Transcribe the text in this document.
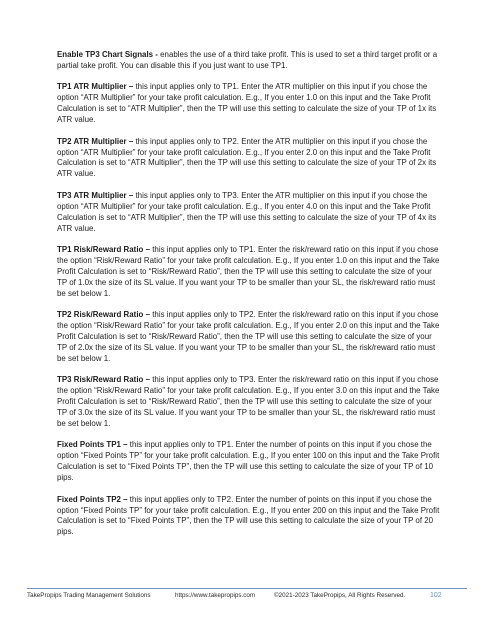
Enable TP3 Chart Signals - enables the use of a third take profit. This is used to set a third target profit or a partial take profit. You can disable this if you just want to use TP1.

TP1 ATR Multiplier – this input applies only to TP1. Enter the ATR multiplier on this input if you chose the option “ATR Multiplier” for your take profit calculation. E.g., If you enter 1.0 on this input and the Take Profit Calculation is set to “ATR Multiplier”, then the TP will use this setting to calculate the size of your TP of 1x its ATR value.

TP2 ATR Multiplier – this input applies only to TP2. Enter the ATR multiplier on this input if you chose the option “ATR Multiplier” for your take profit calculation. E.g., If you enter 2.0 on this input and the Take Profit Calculation is set to “ATR Multiplier”, then the TP will use this setting to calculate the size of your TP of 2x its ATR value.

TP3 ATR Multiplier – this input applies only to TP3. Enter the ATR multiplier on this input if you chose the option “ATR Multiplier” for your take profit calculation. E.g., If you enter 4.0 on this input and the Take Profit Calculation is set to “ATR Multiplier”, then the TP will use this setting to calculate the size of your TP of 4x its ATR value.

TP1 Risk/Reward Ratio – this input applies only to TP1. Enter the risk/reward ratio on this input if you chose the option “Risk/Reward Ratio” for your take profit calculation. E.g., If you enter 1.0 on this input and the Take Profit Calculation is set to “Risk/Reward Ratio”, then the TP will use this setting to calculate the size of your TP of 1.0x the size of its SL value. If you want your TP to be smaller than your SL, the risk/reward ratio must be set below 1.

TP2 Risk/Reward Ratio – this input applies only to TP2. Enter the risk/reward ratio on this input if you chose the option “Risk/Reward Ratio” for your take profit calculation. E.g., If you enter 2.0 on this input and the Take Profit Calculation is set to “Risk/Reward Ratio”, then the TP will use this setting to calculate the size of your TP of 2.0x the size of its SL value. If you want your TP to be smaller than your SL, the risk/reward ratio must be set below 1.

TP3 Risk/Reward Ratio – this input applies only to TP3. Enter the risk/reward ratio on this input if you chose the option “Risk/Reward Ratio” for your take profit calculation. E.g., If you enter 3.0 on this input and the Take Profit Calculation is set to “Risk/Reward Ratio”, then the TP will use this setting to calculate the size of your TP of 3.0x the size of its SL value. If you want your TP to be smaller than your SL, the risk/reward ratio must be set below 1.

Fixed Points TP1 – this input applies only to TP1. Enter the number of points on this input if you chose the option “Fixed Points TP” for your take profit calculation. E.g., If you enter 100 on this input and the Take Profit Calculation is set to “Fixed Points TP”, then the TP will use this setting to calculate the size of your TP of 10 pips.

Fixed Points TP2 – this input applies only to TP2. Enter the number of points on this input if you chose the option “Fixed Points TP” for your take profit calculation. E.g., If you enter 200 on this input and the Take Profit Calculation is set to “Fixed Points TP”, then the TP will use this setting to calculate the size of your TP of 20 pips.

TakePropips Trading Management Solutions	https://www.takepropips.com	©2021-2023 TakePropips, All Rights Reserved.	102
